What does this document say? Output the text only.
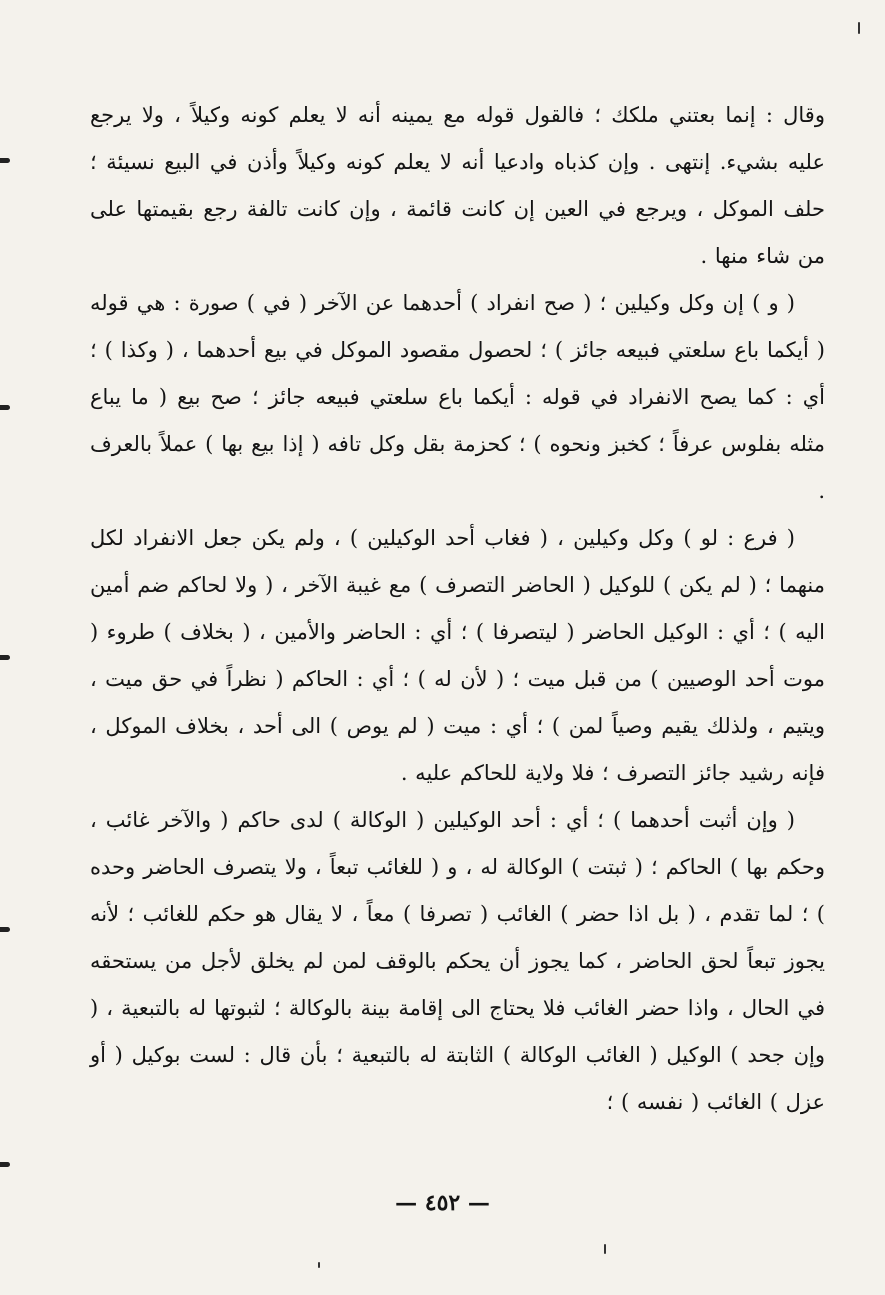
وقال : إنما بعتني ملكك ؛ فالقول قوله مع يمينه أنه لا يعلم كونه وكيلاً ، ولا يرجع عليه بشيء. إنتهى . وإن كذباه وادعيا أنه لا يعلم كونه وكيلاً وأذن في البيع نسيئة ؛ حلف الموكل ، ويرجع في العين إن كانت قائمة ، وإن كانت تالفة رجع بقيمتها على من شاء منها .

( و ) إن وكل وكيلين ؛ ( صح انفراد ) أحدهما عن الآخر ( في ) صورة : هي قوله ( أيكما باع سلعتي فبيعه جائز ) ؛ لحصول مقصود الموكل في بيع أحدهما ، ( وكذا ) ؛ أي : كما يصح الانفراد في قوله : أيكما باع سلعتي فبيعه جائز ؛ صح بيع ( ما يباع مثله بفلوس عرفاً ؛ كخبز ونحوه ) ؛ كحزمة بقل وكل تافه ( إذا بيع بها ) عملاً بالعرف .

( فرع : لو ) وكل وكيلين ، ( فغاب أحد الوكيلين ) ، ولم يكن جعل الانفراد لكل منهما ؛ ( لم يكن ) للوكيل ( الحاضر التصرف ) مع غيبة الآخر ، ( ولا لحاكم ضم أمين اليه ) ؛ أي : الوكيل الحاضر ( ليتصرفا ) ؛ أي : الحاضر والأمين ، ( بخلاف ) طروء ( موت أحد الوصيين ) من قبل ميت ؛ ( لأن له ) ؛ أي : الحاكم ( نظراً في حق ميت ، ويتيم ، ولذلك يقيم وصياً لمن ) ؛ أي : ميت ( لم يوص ) الى أحد ، بخلاف الموكل ، فإنه رشيد جائز التصرف ؛ فلا ولاية للحاكم عليه .

( وإن أثبت أحدهما ) ؛ أي : أحد الوكيلين ( الوكالة ) لدى حاكم ( والآخر غائب ، وحكم بها ) الحاكم ؛ ( ثبتت ) الوكالة له ، و ( للغائب تبعاً ، ولا يتصرف الحاضر وحده ) ؛ لما تقدم ، ( بل اذا حضر ) الغائب ( تصرفا ) معاً ، لا يقال هو حكم للغائب ؛ لأنه يجوز تبعاً لحق الحاضر ، كما يجوز أن يحكم بالوقف لمن لم يخلق لأجل من يستحقه في الحال ، واذا حضر الغائب فلا يحتاج الى إقامة بينة بالوكالة ؛ لثبوتها له بالتبعية ، ( وإن جحد ) الوكيل ( الغائب الوكالة ) الثابتة له بالتبعية ؛ بأن قال : لست بوكيل ( أو عزل ) الغائب ( نفسه ) ؛

— ٤٥٢ —
